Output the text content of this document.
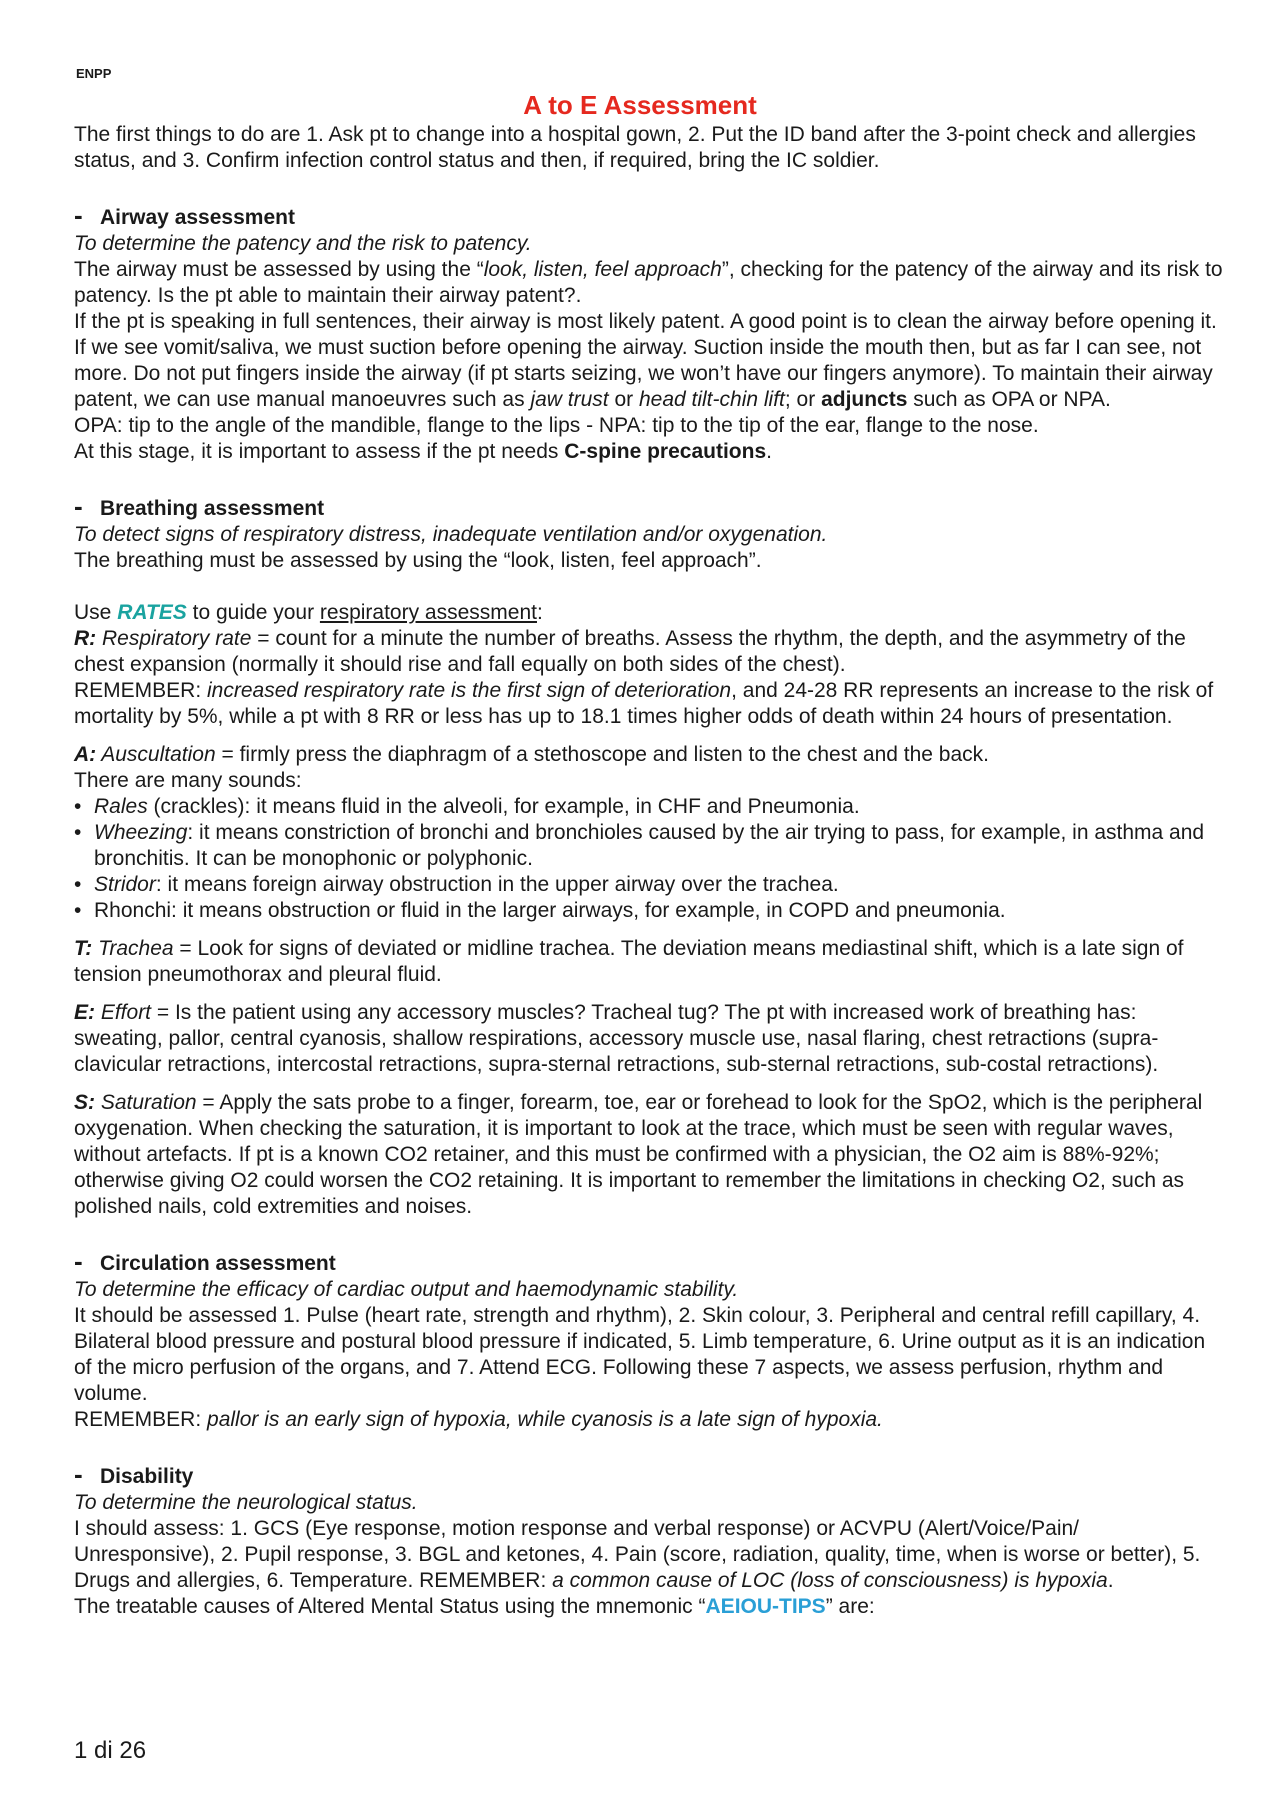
ENPP
A to E Assessment

The first things to do are 1. Ask pt to change into a hospital gown, 2. Put the ID band after the 3-point check and allergies status, and 3. Confirm infection control status and then, if required, bring the IC soldier.

- Airway assessment

To determine the patency and the risk to patency.

The airway must be assessed by using the “look, listen, feel approach”, checking for the patency of the airway and its risk to patency. Is the pt able to maintain their airway patent?.

If the pt is speaking in full sentences, their airway is most likely patent. A good point is to clean the airway before opening it. If we see vomit/saliva, we must suction before opening the airway. Suction inside the mouth then, but as far I can see, not more. Do not put fingers inside the airway (if pt starts seizing, we won’t have our fingers anymore). To maintain their airway patent, we can use manual manoeuvres such as jaw trust or head tilt-chin lift; or adjuncts such as OPA or NPA.

OPA: tip to the angle of the mandible, flange to the lips - NPA: tip to the tip of the ear, flange to the nose.

At this stage, it is important to assess if the pt needs C-spine precautions.

- Breathing assessment

To detect signs of respiratory distress, inadequate ventilation and/or oxygenation.

The breathing must be assessed by using the “look, listen, feel approach”.

Use RATES to guide your respiratory assessment:

R: Respiratory rate = count for a minute the number of breaths. Assess the rhythm, the depth, and the asymmetry of the chest expansion (normally it should rise and fall equally on both sides of the chest).

REMEMBER: increased respiratory rate is the first sign of deterioration, and 24-28 RR represents an increase to the risk of mortality by 5%, while a pt with 8 RR or less has up to 18.1 times higher odds of death within 24 hours of presentation.

A: Auscultation = firmly press the diaphragm of a stethoscope and listen to the chest and the back.

There are many sounds:

• Rales (crackles): it means fluid in the alveoli, for example, in CHF and Pneumonia.
• Wheezing: it means constriction of bronchi and bronchioles caused by the air trying to pass, for example, in asthma and bronchitis. It can be monophonic or polyphonic.
• Stridor: it means foreign airway obstruction in the upper airway over the trachea.
• Rhonchi: it means obstruction or fluid in the larger airways, for example, in COPD and pneumonia.

T: Trachea = Look for signs of deviated or midline trachea. The deviation means mediastinal shift, which is a late sign of tension pneumothorax and pleural fluid.

E: Effort = Is the patient using any accessory muscles? Tracheal tug? The pt with increased work of breathing has: sweating, pallor, central cyanosis, shallow respirations, accessory muscle use, nasal flaring, chest retractions (supra-clavicular retractions, intercostal retractions, supra-sternal retractions, sub-sternal retractions, sub-costal retractions).

S: Saturation = Apply the sats probe to a finger, forearm, toe, ear or forehead to look for the SpO2, which is the peripheral oxygenation. When checking the saturation, it is important to look at the trace, which must be seen with regular waves, without artefacts. If pt is a known CO2 retainer, and this must be confirmed with a physician, the O2 aim is 88%-92%; otherwise giving O2 could worsen the CO2 retaining. It is important to remember the limitations in checking O2, such as polished nails, cold extremities and noises.

- Circulation assessment

To determine the efficacy of cardiac output and haemodynamic stability.

It should be assessed 1. Pulse (heart rate, strength and rhythm), 2. Skin colour, 3. Peripheral and central refill capillary, 4. Bilateral blood pressure and postural blood pressure if indicated, 5. Limb temperature, 6. Urine output as it is an indication of the micro perfusion of the organs, and 7. Attend ECG. Following these 7 aspects, we assess perfusion, rhythm and volume.

REMEMBER: pallor is an early sign of hypoxia, while cyanosis is a late sign of hypoxia.

- Disability

To determine the neurological status.

I should assess: 1. GCS (Eye response, motion response and verbal response) or ACVPU (Alert/Voice/Pain/ Unresponsive), 2. Pupil response, 3. BGL and ketones, 4. Pain (score, radiation, quality, time, when is worse or better), 5. Drugs and allergies, 6. Temperature. REMEMBER: a common cause of LOC (loss of consciousness) is hypoxia.

The treatable causes of Altered Mental Status using the mnemonic “AEIOU-TIPS” are:

1 di 26
